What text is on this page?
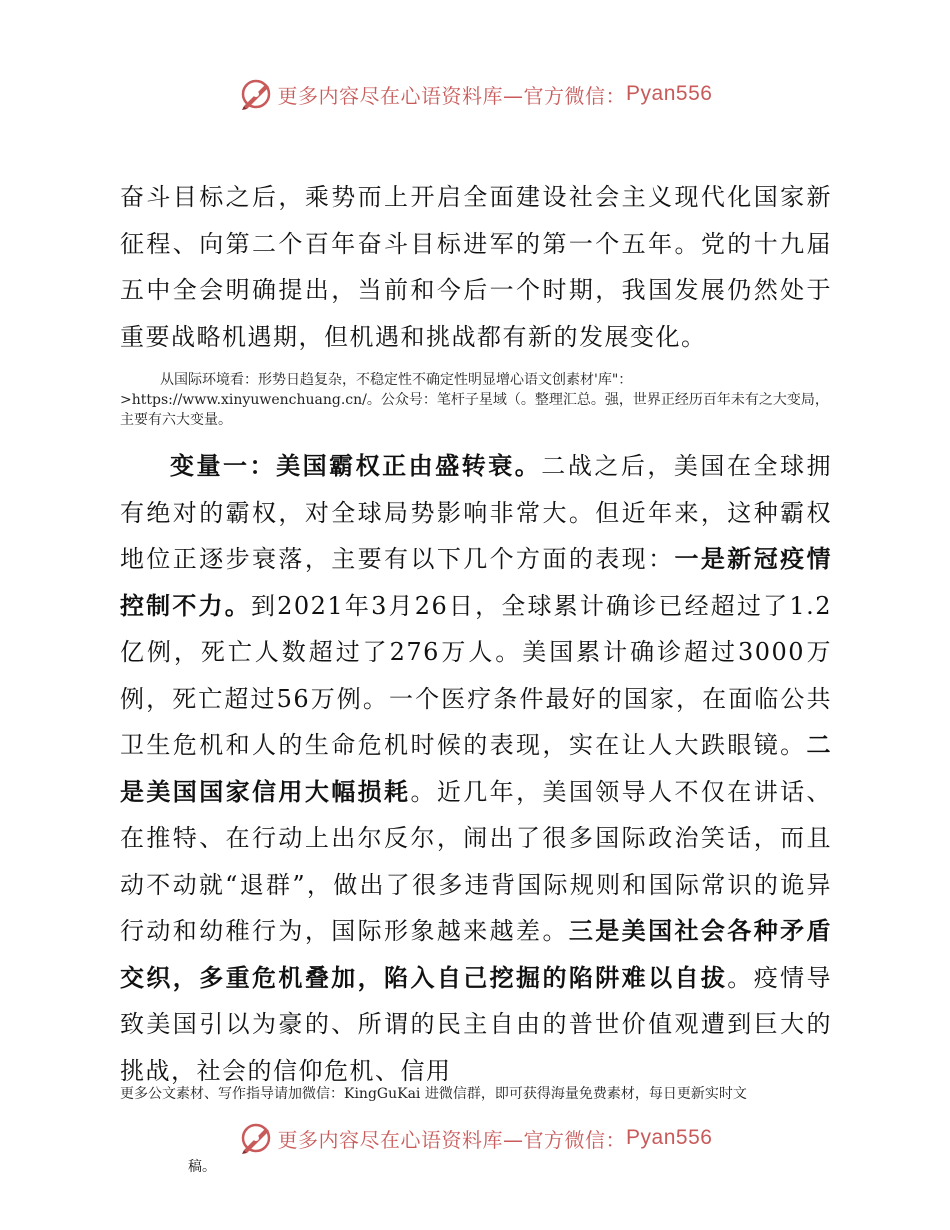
更多内容尽在心语资料库—官方微信： Pyan556

奋斗目标之后，乘势而上开启全面建设社会主义现代化国家新征程、向第二个百年奋斗目标进军的第一个五年。党的十九届五中全会明确提出，当前和今后一个时期，我国发展仍然处于重要战略机遇期，但机遇和挑战都有新的发展变化。

从国际环境看：形势日趋复杂，不稳定性不确定性明显增心语文创素材'库"：>https://www.xinyuwenchuang.cn/。公众号：笔杆子星域（。整理汇总。强，世界正经历百年未有之大变局，主要有六大变量。

变量一：美国霸权正由盛转衰。二战之后，美国在全球拥有绝对的霸权，对全球局势影响非常大。但近年来，这种霸权地位正逐步衰落，主要有以下几个方面的表现：一是新冠疫情控制不力。到2021年3月26日，全球累计确诊已经超过了1.2亿例，死亡人数超过了276万人。美国累计确诊超过3000万例，死亡超过56万例。一个医疗条件最好的国家，在面临公共卫生危机和人的生命危机时候的表现，实在让人大跌眼镜。二是美国国家信用大幅损耗。近几年，美国领导人不仅在讲话、在推特、在行动上出尔反尔，闹出了很多国际政治笑话，而且动不动就“退群”，做出了很多违背国际规则和国际常识的诡异行动和幼稚行为，国际形象越来越差。三是美国社会各种矛盾交织，多重危机叠加，陷入自己挖掘的陷阱难以自拔。疫情导致美国引以为豪的、所谓的民主自由的普世价值观遭到巨大的挑战，社会的信仰危机、信用

更多公文素材、写作指导请加微信：KingGuKai 进微信群，即可获得海量免费素材，每日更新实时文

更多内容尽在心语资料库—官方微信： Pyan556

稿。
